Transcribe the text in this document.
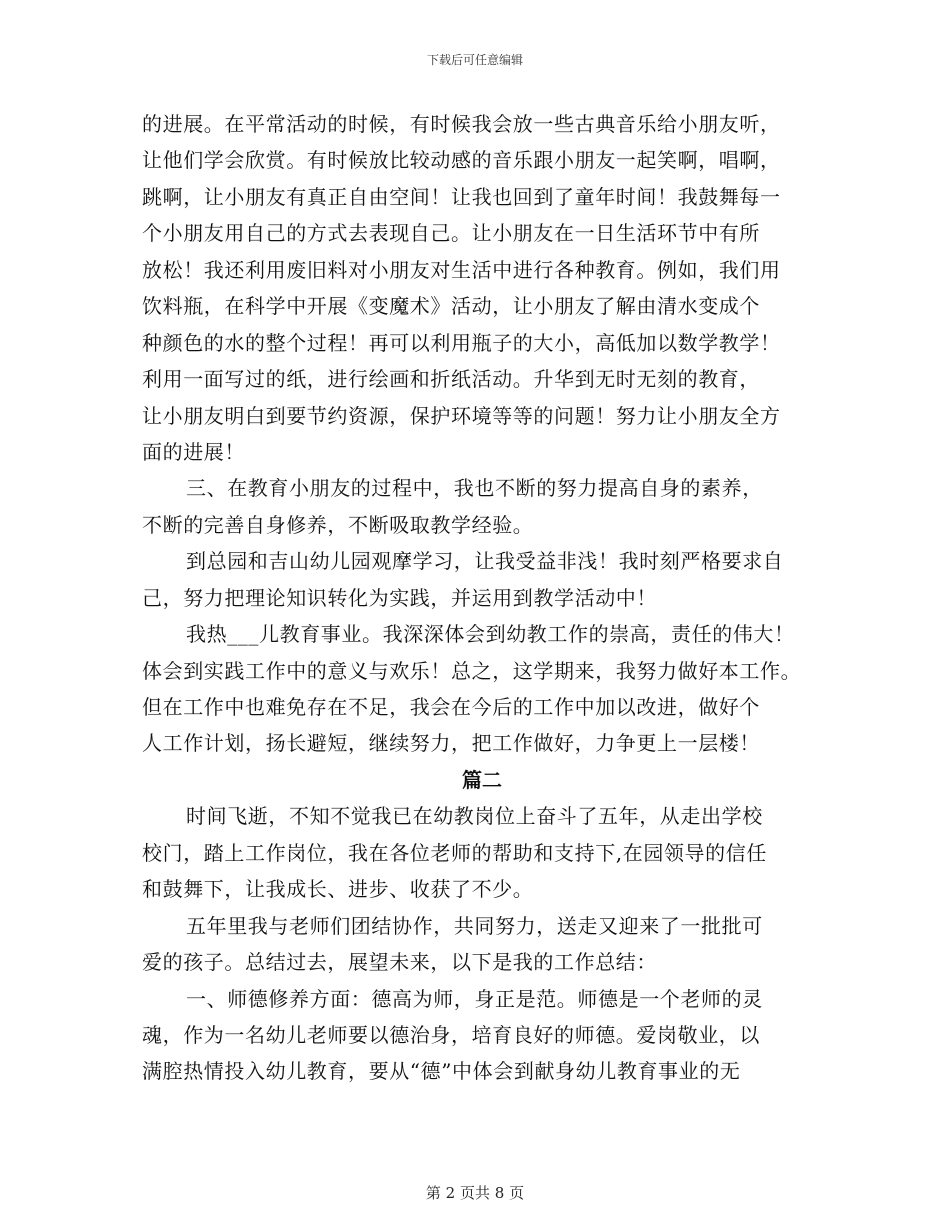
下载后可任意编辑
的进展。在平常活动的时候，有时候我会放一些古典音乐给小朋友听，
让他们学会欣赏。有时候放比较动感的音乐跟小朋友一起笑啊，唱啊，
跳啊，让小朋友有真正自由空间！让我也回到了童年时间！我鼓舞每一
个小朋友用自己的方式去表现自己。让小朋友在一日生活环节中有所
放松！我还利用废旧料对小朋友对生活中进行各种教育。例如，我们用
饮料瓶，在科学中开展《变魔术》活动，让小朋友了解由清水变成个
种颜色的水的整个过程！再可以利用瓶子的大小，高低加以数学教学！
利用一面写过的纸，进行绘画和折纸活动。升华到无时无刻的教育，
让小朋友明白到要节约资源，保护环境等等的问题！努力让小朋友全方
面的进展！
三、在教育小朋友的过程中，我也不断的努力提高自身的素养，
不断的完善自身修养，不断吸取教学经验。
到总园和吉山幼儿园观摩学习，让我受益非浅！我时刻严格要求自
己，努力把理论知识转化为实践，并运用到教学活动中！
我热___儿教育事业。我深深体会到幼教工作的崇高，责任的伟大！
体会到实践工作中的意义与欢乐！总之，这学期来，我努力做好本工作。
但在工作中也难免存在不足，我会在今后的工作中加以改进，做好个
人工作计划，扬长避短，继续努力，把工作做好，力争更上一层楼！
篇二
时间飞逝，不知不觉我已在幼教岗位上奋斗了五年，从走出学校
校门，踏上工作岗位，我在各位老师的帮助和支持下,在园领导的信任
和鼓舞下，让我成长、进步、收获了不少。
五年里我与老师们团结协作，共同努力，送走又迎来了一批批可
爱的孩子。总结过去，展望未来，以下是我的工作总结：
一、师德修养方面：德高为师，身正是范。师德是一个老师的灵
魂，作为一名幼儿老师要以德治身，培育良好的师德。爱岗敬业，以
满腔热情投入幼儿教育，要从“德”中体会到献身幼儿教育事业的无
第 2 页共 8 页
